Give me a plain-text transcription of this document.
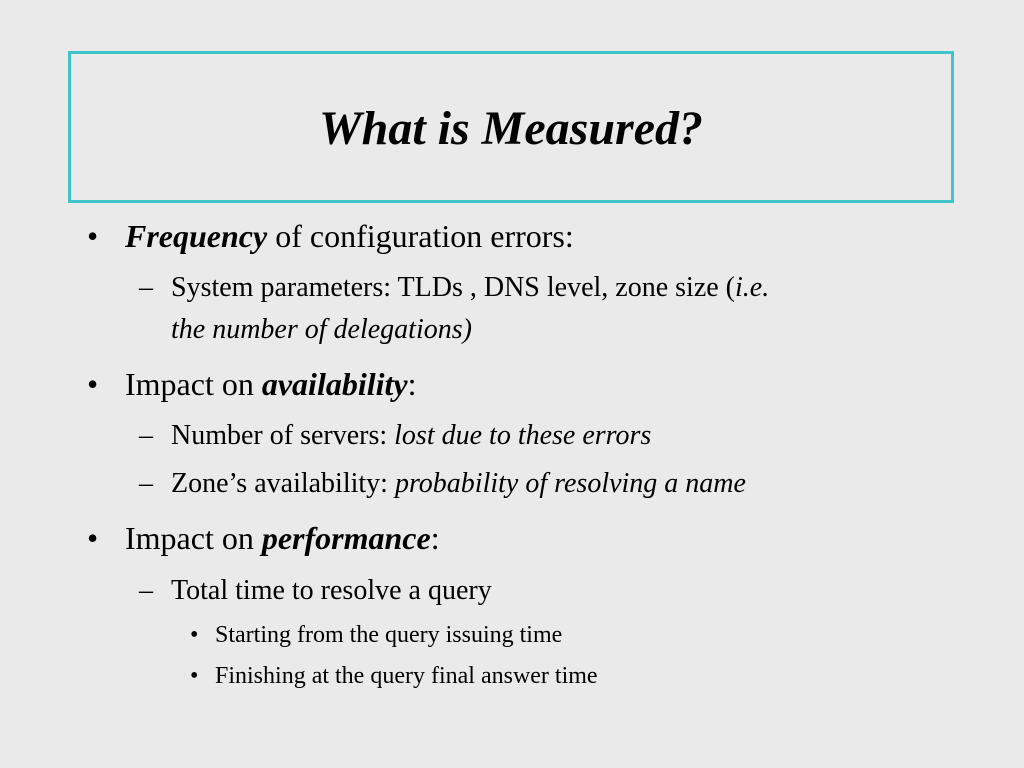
What is Measured?
• Frequency of configuration errors:
– System parameters: TLDs , DNS level, zone size (i.e.
the number of delegations)
• Impact on availability:
– Number of servers: lost due to these errors
– Zone’s availability: probability of resolving a name
• Impact on performance:
– Total time to resolve a query
• Starting from the query issuing time
• Finishing at the query final answer time
